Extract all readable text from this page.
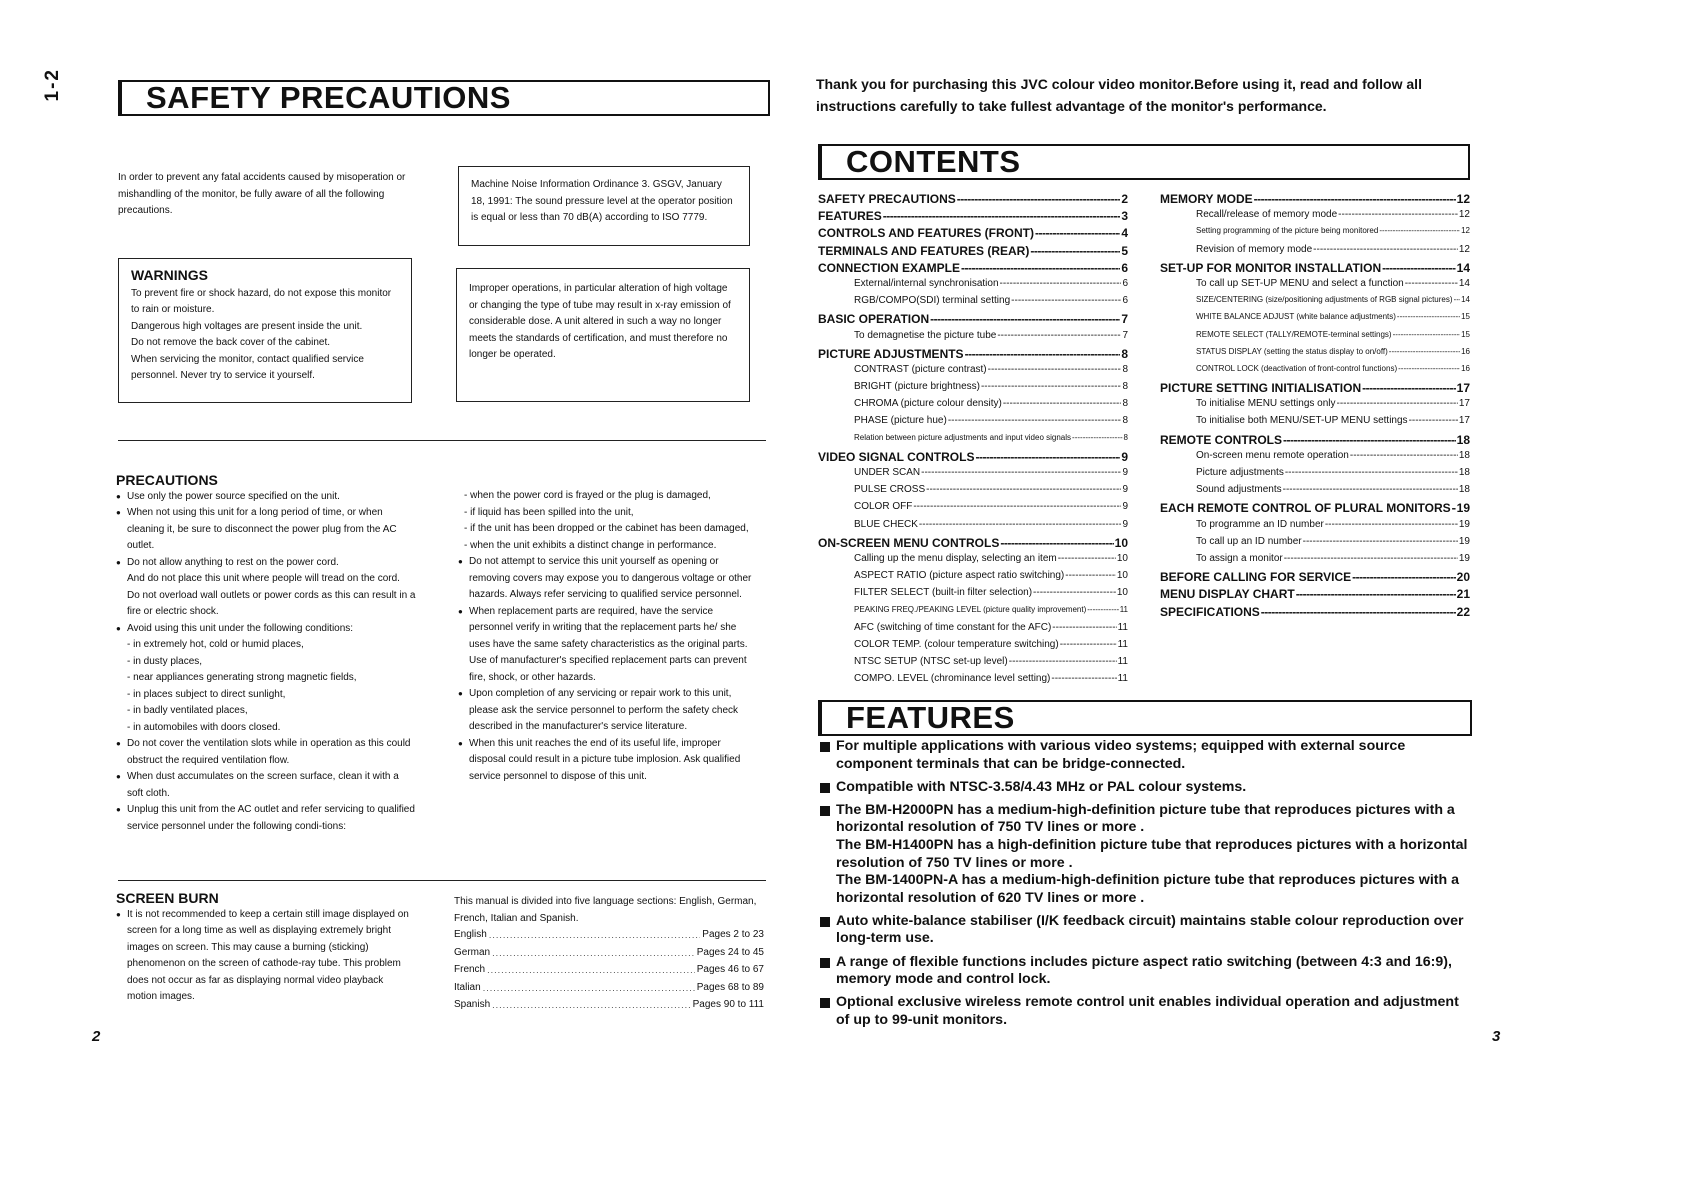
1-2	SAFETY PRECAUTIONS
In order to prevent any fatal accidents caused by misoperation or mishandling of the monitor, be fully aware of all the following precautions.
WARNINGS
To prevent fire or shock hazard, do not expose this monitor to rain or moisture.
Dangerous high voltages are present inside the unit.
Do not remove the back cover of the cabinet.
When servicing the monitor, contact qualified service personnel. Never try to service it yourself.
Machine Noise Information Ordinance 3. GSGV, January 18, 1991: The sound pressure level at the operator position is equal or less than 70 dB(A) according to ISO 7779.
Improper operations, in particular alteration of high voltage or changing the type of tube may result in x-ray emission of considerable dose. A unit altered in such a way no longer meets the standards of certification, and must therefore no longer be operated.
PRECAUTIONS
● Use only the power source specified on the unit.
● When not using this unit for a long period of time, or when cleaning it, be sure to disconnect the power plug from the AC outlet.
● Do not allow anything to rest on the power cord.
And do not place this unit where people will tread on the cord.
Do not overload wall outlets or power cords as this can result in a fire or electric shock.
● Avoid using this unit under the following conditions:
- in extremely hot, cold or humid places,
- in dusty places,
- near appliances generating strong magnetic fields,
- in places subject to direct sunlight,
- in badly ventilated places,
- in automobiles with doors closed.
● Do not cover the ventilation slots while in operation as this could obstruct the required ventilation flow.
● When dust accumulates on the screen surface, clean it with a soft cloth.
● Unplug this unit from the AC outlet and refer servicing to qualified service personnel under the following condi-tions:
- when the power cord is frayed or the plug is damaged,
- if liquid has been spilled into the unit,
- if the unit has been dropped or the cabinet has been damaged,
- when the unit exhibits a distinct change in performance.
● Do not attempt to service this unit yourself as opening or removing covers may expose you to dangerous voltage or other hazards. Always refer servicing to qualified service personnel.
● When replacement parts are required, have the service personnel verify in writing that the replacement parts he/ she uses have the same safety characteristics as the original parts. Use of manufacturer's specified replacement parts can prevent fire, shock, or other hazards.
● Upon completion of any servicing or repair work to this unit, please ask the service personnel to perform the safety check described in the manufacturer's service literature.
● When this unit reaches the end of its useful life, improper disposal could result in a picture tube implosion. Ask qualified service personnel to dispose of this unit.
SCREEN BURN
● It is not recommended to keep a certain still image displayed on screen for a long time as well as displaying extremely bright images on screen. This may cause a burning (sticking) phenomenon on the screen of cathode-ray tube. This problem does not occur as far as displaying normal video playback motion images.
This manual is divided into five language sections: English, German, French, Italian and Spanish.
English .....	Pages 2 to 23
German .....	Pages 24 to 45
French .....	Pages 46 to 67
Italian .....	Pages 68 to 89
Spanish .....	Pages 90 to 111
2
Thank you for purchasing this JVC colour video monitor.Before using it, read and follow all instructions carefully to take fullest advantage of the monitor's performance.
CONTENTS
SAFETY PRECAUTIONS -----	2
FEATURES -----	3
CONTROLS AND FEATURES (FRONT) -----	4
TERMINALS AND FEATURES (REAR) -----	5
CONNECTION EXAMPLE -----	6
External/internal synchronisation -----	6
RGB/COMPO(SDI) terminal setting -----	6
BASIC OPERATION -----	7
To demagnetise the picture tube -----	7
PICTURE ADJUSTMENTS -----	8
CONTRAST (picture contrast) -----	8
BRIGHT (picture brightness) -----	8
CHROMA (picture colour density) -----	8
PHASE (picture hue) -----	8
Relation between picture adjustments and input video signals -----	8
VIDEO SIGNAL CONTROLS -----	9
UNDER SCAN -----	9
PULSE CROSS -----	9
COLOR OFF -----	9
BLUE CHECK -----	9
ON-SCREEN MENU CONTROLS -----	10
Calling up the menu display, selecting an item -----	10
ASPECT RATIO (picture aspect ratio switching) -----	10
FILTER SELECT (built-in filter selection) -----	10
PEAKING FREQ./PEAKING LEVEL (picture quality improvement) -----	11
AFC (switching of time constant for the AFC) -----	11
COLOR TEMP. (colour temperature switching) -----	11
NTSC SETUP (NTSC set-up level) -----	11
COMPO. LEVEL (chrominance level setting) -----	11
MEMORY MODE -----	12
Recall/release of memory mode -----	12
Setting programming of the picture being monitored -----	12
Revision of memory mode -----	12
SET-UP FOR MONITOR INSTALLATION -----	14
To call up SET-UP MENU and select a function -----	14
SIZE/CENTERING (size/positioning adjustments of RGB signal pictures) ----- 14
WHITE BALANCE ADJUST (white balance adjustments) -----	15
REMOTE SELECT (TALLY/REMOTE-terminal settings) -----	15
STATUS DISPLAY (setting the status display to on/off) -----	16
CONTROL LOCK (deactivation of front-control functions) -----	16
PICTURE SETTING INITIALISATION -----	17
To initialise MENU settings only -----	17
To initialise both MENU/SET-UP MENU settings -----	17
REMOTE CONTROLS -----	18
On-screen menu remote operation -----	18
Picture adjustments -----	18
Sound adjustments -----	18
EACH REMOTE CONTROL OF PLURAL MONITORS ----- 19
To programme an ID number -----	19
To call up an ID number -----	19
To assign a monitor -----	19
BEFORE CALLING FOR SERVICE -----	20
MENU DISPLAY CHART -----	21
SPECIFICATIONS -----	22
FEATURES
For multiple applications with various video systems; equipped with external source component terminals that can be bridge-connected.
Compatible with NTSC-3.58/4.43 MHz or PAL colour systems.
The BM-H2000PN has a medium-high-definition picture tube that reproduces pictures with a horizontal resolution of 750 TV lines or more .
The BM-H1400PN has a high-definition picture tube that reproduces pictures with a horizontal resolution of 750 TV lines or more .
The BM-1400PN-A has a medium-high-definition picture tube that reproduces pictures with a horizontal resolution of 620 TV lines or more .
Auto white-balance stabiliser (I/K feedback circuit) maintains stable colour reproduction over long-term use.
A range of flexible functions includes picture aspect ratio switching (between 4:3 and 16:9), memory mode and control lock.
Optional exclusive wireless remote control unit enables individual operation and adjustment of up to 99-unit monitors.
3
